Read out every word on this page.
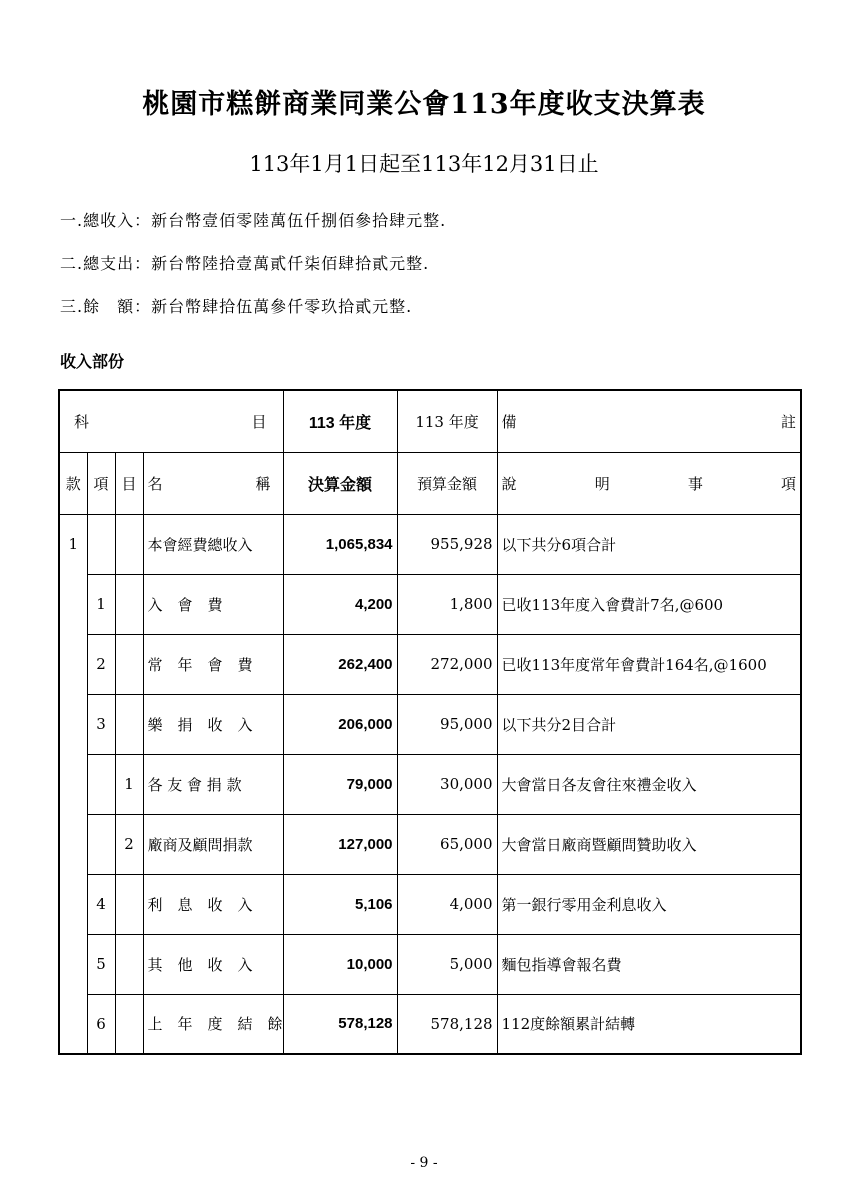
桃園市糕餅商業同業公會113年度收支決算表
113年1月1日起至113年12月31日止
一.總收入：新台幣壹佰零陸萬伍仟捌佰參拾肆元整.
二.總支出：新台幣陸拾壹萬貳仟柒佰肆拾貳元整.
三.餘　額：新台幣肆拾伍萬參仟零玖拾貳元整.
收入部份
科 目				113 年度	113 年度	備 註

款	項	目	名 稱	決算金額	預算金額	說 明 事 項

1			本會經費總收入	1,065,834	955,928	以下共分6項合計
	1		入　會　費	4,200	1,800	已收113年度入會費計7名,@600
	2		常　年　會　費	262,400	272,000	已收113年度常年會費計164名,@1600
	3		樂　捐　收　入	206,000	95,000	以下共分2目合計
		1	各 友 會 捐 款	79,000	30,000	大會當日各友會往來禮金收入
		2	廠商及顧問捐款	127,000	65,000	大會當日廠商暨顧問贊助收入
	4		利　息　收　入	5,106	4,000	第一銀行零用金利息收入
	5		其　他　收　入	10,000	5,000	麵包指導會報名費
	6		上　年　度　結　餘	578,128	578,128	112度餘額累計結轉
- 9 -
